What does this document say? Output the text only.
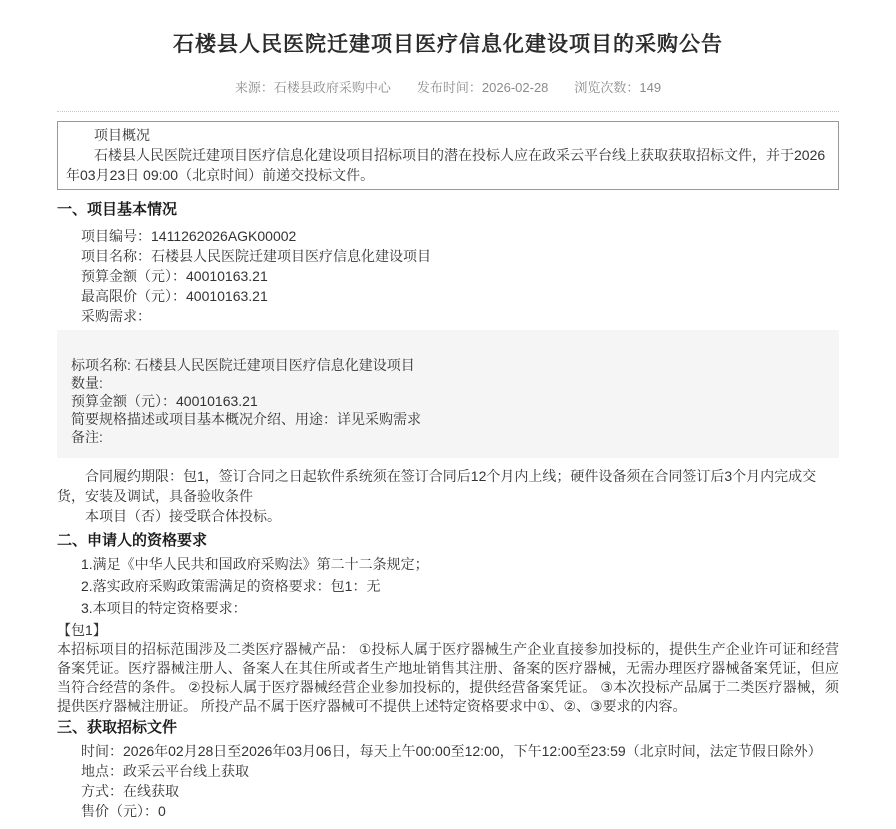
石楼县人民医院迁建项目医疗信息化建设项目的采购公告
来源：石楼县政府采购中心 发布时间：2026-02-28 浏览次数：149

项目概况

石楼县人民医院迁建项目医疗信息化建设项目招标项目的潜在投标人应在政采云平台线上获取获取招标文件，并于2026年03月23日 09:00（北京时间）前递交投标文件。

一、项目基本情况

项目编号：1411262026AGK00002

项目名称：石楼县人民医院迁建项目医疗信息化建设项目

预算金额（元）：40010163.21

最高限价（元）：40010163.21

采购需求：

标项名称: 石楼县人民医院迁建项目医疗信息化建设项目

数量:

预算金额（元）：40010163.21

简要规格描述或项目基本概况介绍、用途：详见采购需求

备注:

合同履约期限：包1，签订合同之日起软件系统须在签订合同后12个月内上线；硬件设备须在合同签订后3个月内完成交货，安装及调试，具备验收条件

本项目（否）接受联合体投标。

二、申请人的资格要求

1.满足《中华人民共和国政府采购法》第二十二条规定；

2.落实政府采购政策需满足的资格要求：包1：无

3.本项目的特定资格要求：

【包1】

本招标项目的招标范围涉及二类医疗器械产品： ①投标人属于医疗器械生产企业直接参加投标的，提供生产企业许可证和经营备案凭证。医疗器械注册人、备案人在其住所或者生产地址销售其注册、备案的医疗器械，无需办理医疗器械备案凭证，但应当符合经营的条件。 ②投标人属于医疗器械经营企业参加投标的，提供经营备案凭证。 ③本次投标产品属于二类医疗器械，须提供医疗器械注册证。 所投产品不属于医疗器械可不提供上述特定资格要求中①、②、③要求的内容。

三、获取招标文件

时间：2026年02月28日至2026年03月06日，每天上午00:00至12:00，下午12:00至23:59（北京时间，法定节假日除外）

地点：政采云平台线上获取

方式：在线获取

售价（元）：0
